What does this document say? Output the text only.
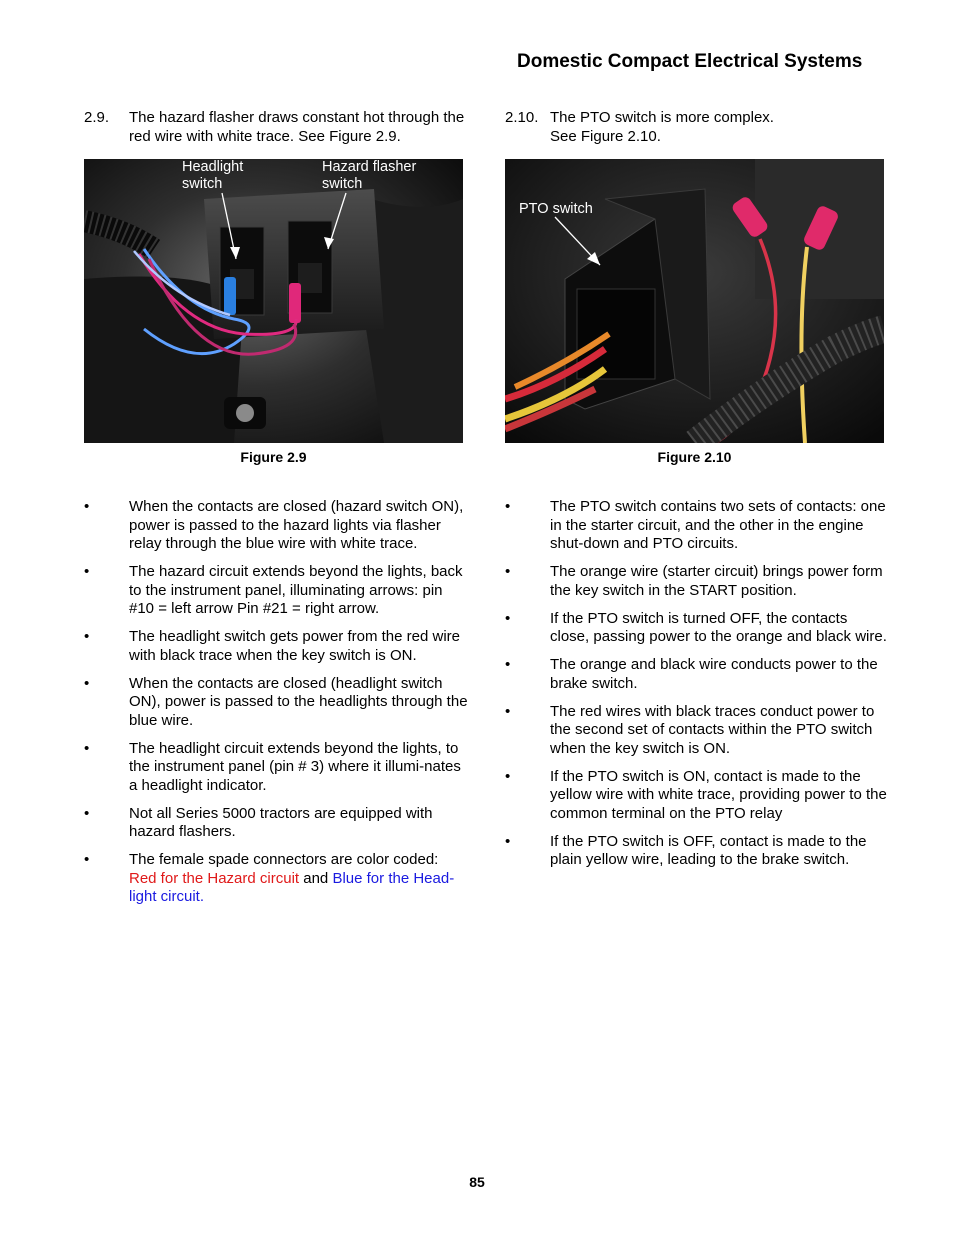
Domestic Compact Electrical Systems
2.9. The hazard flasher draws constant hot through the red wire with white trace. See Figure 2.9.
Headlight switch
Hazard flasher switch
Figure 2.9
•	When the contacts are closed (hazard switch ON), power is passed to the hazard lights via flasher relay through the blue wire with white trace.
•	The hazard circuit extends beyond the lights, back to the instrument panel, illuminating arrows: pin #10 = left arrow Pin #21 = right arrow.
•	The headlight switch gets power from the red wire with black trace when the key switch is ON.
•	When the contacts are closed (headlight switch ON), power is passed to the headlights through the blue wire.
•	The headlight circuit extends beyond the lights, to the instrument panel (pin # 3) where it illumi-nates a headlight indicator.
•	Not all Series 5000 tractors are equipped with hazard flashers.
•	The female spade connectors are color coded:
Red for the Hazard circuit and Blue for the Head-light circuit.
2.10. The PTO switch is more complex. See Figure 2.10.
PTO switch
Figure 2.10
•	The PTO switch contains two sets of contacts: one in the starter circuit, and the other in the engine shut-down and PTO circuits.
•	The orange wire (starter circuit) brings power form the key switch in the START position.
•	If the PTO switch is turned OFF, the contacts close, passing power to the orange and black wire.
•	The orange and black wire conducts power to the brake switch.
•	The red wires with black traces conduct power to the second set of contacts within the PTO switch when the key switch is ON.
•	If the PTO switch is ON, contact is made to the yellow wire with white trace, providing power to the common terminal on the PTO relay
•	If the PTO switch is OFF, contact is made to the plain yellow wire, leading to the brake switch.
85
